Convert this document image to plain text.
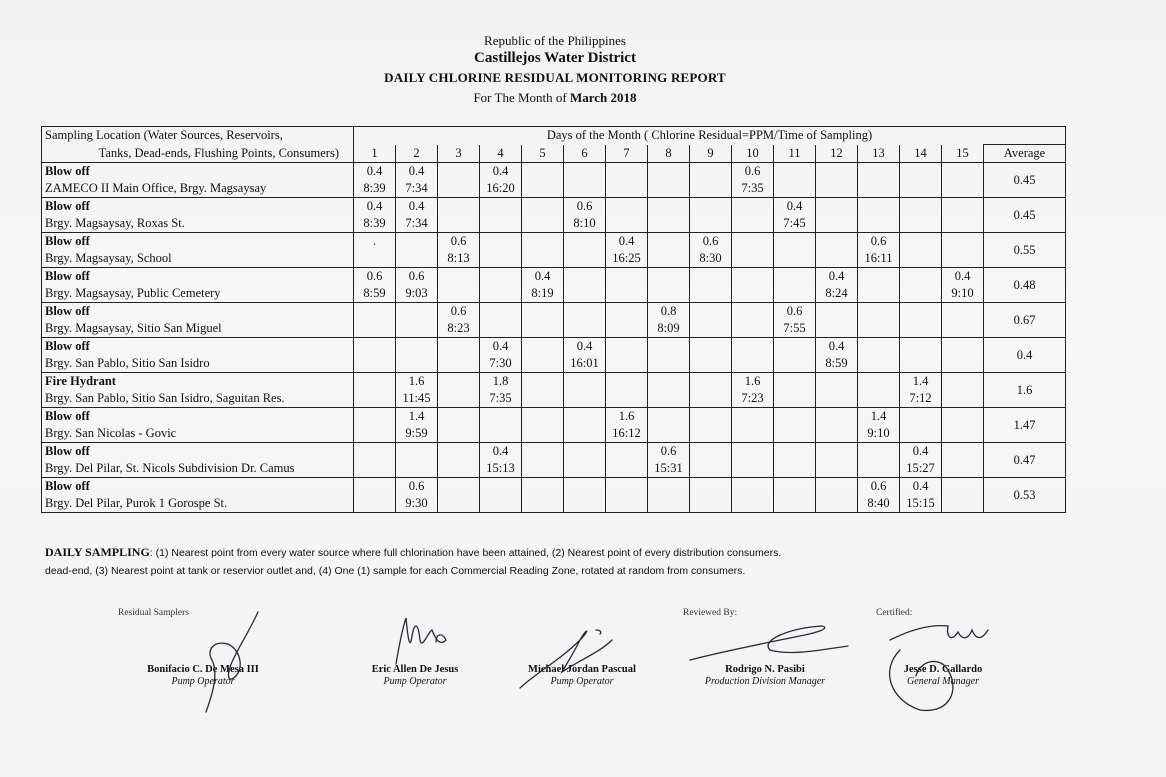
Republic of the Philippines
Castillejos Water District
DAILY CHLORINE RESIDUAL MONITORING REPORT
For The Month of March 2018
Sampling Location (Water Sources, Reservoirs,	Days of the Month ( Chlorine Residual=PPM/Time of Sampling)															
Tanks, Dead-ends, Flushing Points, Consumers)	1	2	3	4	5	6	7	8	9	10	11	12	13	14	15	Average
Blow off	0.4	0.4		0.4						0.6						0.45
ZAMECO II Main Office, Brgy. Magsaysay	8:39	7:34		16:20						7:35						
Blow off	0.4	0.4				0.6					0.4					0.45
Brgy. Magsaysay, Roxas St.	8:39	7:34				8:10					7:45					
Blow off	.		0.6				0.4		0.6				0.6			0.55
Brgy. Magsaysay, School			8:13				16:25		8:30				16:11			
Blow off	0.6	0.6			0.4							0.4			0.4	0.48
Brgy. Magsaysay, Public Cemetery	8:59	9:03			8:19							8:24			9:10	
Blow off			0.6					0.8			0.6					0.67
Brgy. Magsaysay, Sitio San Miguel			8:23					8:09			7:55					
Blow off				0.4		0.4						0.4				0.4
Brgy. San Pablo, Sitio San Isidro				7:30		16:01						8:59				
Fire Hydrant		1.6		1.8						1.6				1.4		1.6
Brgy. San Pablo, Sitio San Isidro, Saguitan Res.		11:45		7:35						7:23				7:12		
Blow off		1.4					1.6						1.4			1.47
Brgy. San Nicolas - Govic		9:59					16:12						9:10			
Blow off				0.4				0.6						0.4		0.47
Brgy. Del Pilar, St. Nicols Subdivision Dr. Camus				15:13				15:31						15:27		
Blow off		0.6											0.6	0.4		0.53
Brgy. Del Pilar, Purok 1 Gorospe St.		9:30											8:40	15:15		
DAILY SAMPLING: (1) Nearest point from every water source where full chlorination have been attained, (2) Nearest point of every distribution consumers.
dead-end, (3) Nearest point at tank or reservior outlet and, (4) One (1) sample for each Commercial Reading Zone, rotated at random from consumers.
Residual Samplers	Reviewed By:	Certified:
Bonifacio C. De Mesa III
Pump Operator
Eric Allen De Jesus
Pump Operator
Michael Jordan Pascual
Pump Operator
Rodrigo N. Pasibi
Production Division Manager
Jesse D. Gallardo
General Manager
